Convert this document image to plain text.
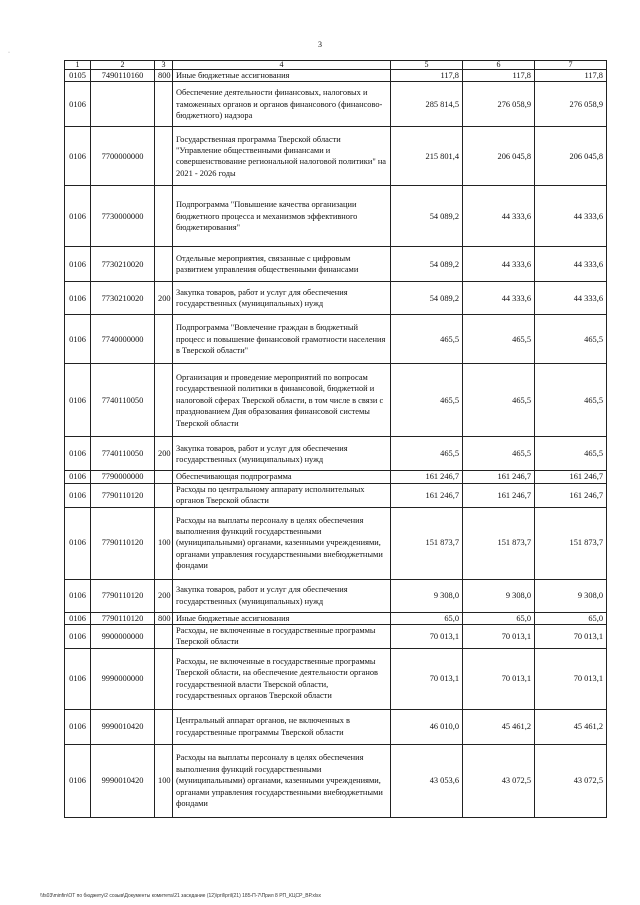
3
·
1	2	3	4	5	6	7
0105	7490110160	800	Иные бюджетные ассигнования	117,8	117,8	117,8
0106			Обеспечение деятельности финансовых, налоговых и таможенных органов и органов финансового (финансово-бюджетного) надзора	285 814,5	276 058,9	276 058,9
0106	7700000000		Государственная программа Тверской области "Управление общественными финансами и совершенствование региональной налоговой политики" на 2021 - 2026 годы	215 801,4	206 045,8	206 045,8
0106	7730000000		Подпрограмма "Повышение качества организации бюджетного процесса и механизмов эффективного бюджетирования"	54 089,2	44 333,6	44 333,6
0106	7730210020		Отдельные мероприятия, связанные с цифровым развитием управления общественными финансами	54 089,2	44 333,6	44 333,6
0106	7730210020	200	Закупка товаров, работ и услуг для обеспечения государственных (муниципальных) нужд	54 089,2	44 333,6	44 333,6
0106	7740000000		Подпрограмма "Вовлечение граждан в бюджетный процесс и повышение финансовой грамотности населения в Тверской области"	465,5	465,5	465,5
0106	7740110050		Организация и проведение мероприятий по вопросам государственной политики в финансовой, бюджетной и налоговой сферах Тверской области, в том числе в связи с празднованием Дня образования финансовой системы Тверской области	465,5	465,5	465,5
0106	7740110050	200	Закупка товаров, работ и услуг для обеспечения государственных (муниципальных) нужд	465,5	465,5	465,5
0106	7790000000		Обеспечивающая подпрограмма	161 246,7	161 246,7	161 246,7
0106	7790110120		Расходы по центральному аппарату исполнительных органов Тверской области	161 246,7	161 246,7	161 246,7
0106	7790110120	100	Расходы на выплаты персоналу в целях обеспечения выполнения функций государственными (муниципальными) органами, казенными учреждениями, органами управления государственными внебюджетными фондами	151 873,7	151 873,7	151 873,7
0106	7790110120	200	Закупка товаров, работ и услуг для обеспечения государственных (муниципальных) нужд	9 308,0	9 308,0	9 308,0
0106	7790110120	800	Иные бюджетные ассигнования	65,0	65,0	65,0
0106	9900000000		Расходы, не включенные в государственные программы Тверской области	70 013,1	70 013,1	70 013,1
0106	9990000000		Расходы, не включенные в государственные программы Тверской области, на обеспечение деятельности органов государственной власти Тверской области, государственных органов Тверской области	70 013,1	70 013,1	70 013,1
0106	9990010420		Центральный аппарат органов, не включенных в государственные программы Тверской области	46 010,0	45 461,2	45 461,2
0106	9990010420	100	Расходы на выплаты персоналу в целях обеспечения выполнения функций государственными (муниципальными) органами, казенными учреждениями, органами управления государственными внебюджетными фондами	43 053,6	43 072,5	43 072,5
\\fs03\minfin\ОТ по бюджету\2 созыв\Документы комитета\21 заседание (12)\pril\pril(21) 185-П-7\Прил 8 РП_КЦСР_ВР.xlsx
